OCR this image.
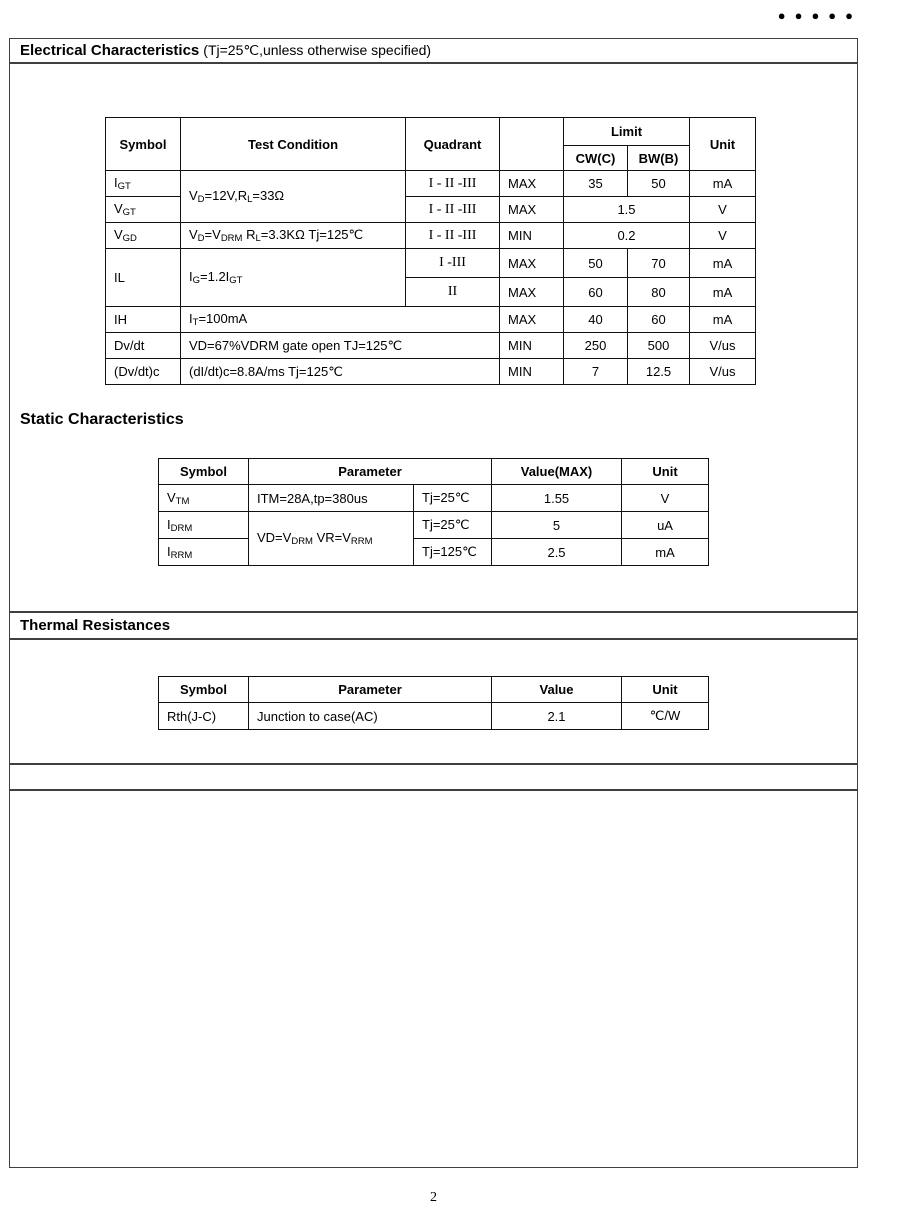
●●●●●
Electrical Characteristics (Tj=25℃,unless otherwise specified)
Symbol	Test Condition	Quadrant		Limit		Unit
				CW(C)	BW(B)	
$I_{GT}$	$V_D=12V,R_L=33\Omega$	I - II -III	MAX	35	50	mA
$V_{GT}$		I - II -III	MAX	1.5		V
$V_{GD}$	$V_D=V_{DRM}$ $R_L=3.3K\Omega$ Tj=125℃	I - II -III	MIN	0.2		V
IL	$I_G=1.2I_{GT}$	I -III	MAX	50	70	mA
		II	MAX	60	80	mA
IH	$I_T=100mA$		MAX	40	60	mA
Dv/dt	VD=67%VDRM gate open TJ=125℃		MIN	250	500	V/us
(Dv/dt)c	(dI/dt)c=8.8A/ms Tj=125℃		MIN	7	12.5	V/us
Static Characteristics
Symbol	Parameter		Value(MAX)	Unit
$V_{TM}$	ITM=28A,tp=380us	Tj=25℃	1.55	V
$I_{DRM}$	$VD=V_{DRM}$ $VR=V_{RRM}$	Tj=25℃	5	uA
$I_{RRM}$		Tj=125℃	2.5	mA
Thermal Resistances
Symbol	Parameter	Value	Unit
Rth(J-C)	Junction to case(AC)	2.1	℃/W
2
